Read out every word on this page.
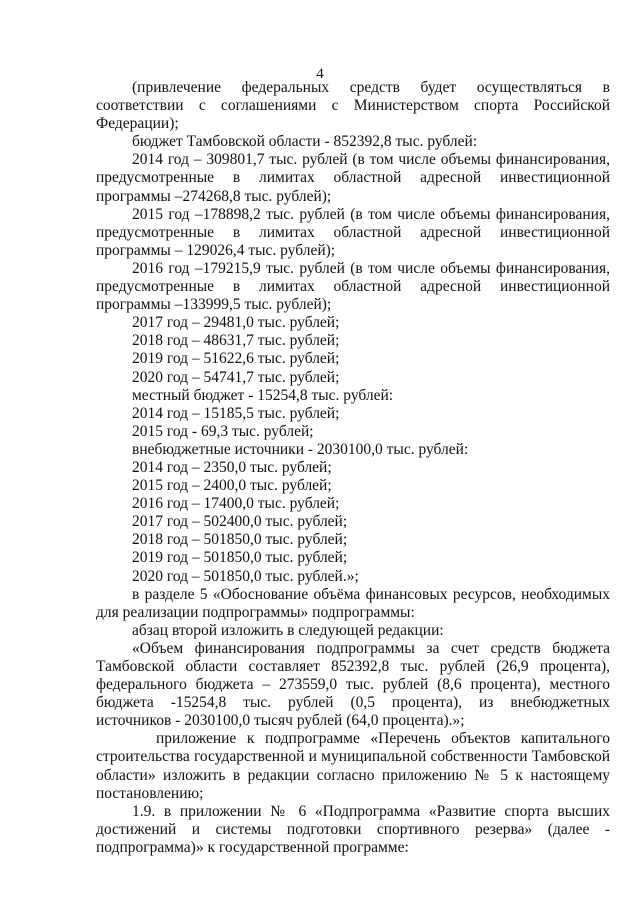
4
(привлечение федеральных средств будет осуществляться в
соответствии с соглашениями с Министерством спорта Российской
Федерации);
бюджет Тамбовской области - 852392,8 тыс. рублей:
2014 год – 309801,7 тыс. рублей (в том числе объемы финансирования,
предусмотренные в лимитах областной адресной инвестиционной
программы –274268,8 тыс. рублей);
2015 год –178898,2 тыс. рублей (в том числе объемы финансирования,
предусмотренные в лимитах областной адресной инвестиционной
программы – 129026,4 тыс. рублей);
2016 год –179215,9 тыс. рублей (в том числе объемы финансирования,
предусмотренные в лимитах областной адресной инвестиционной
программы –133999,5 тыс. рублей);
2017 год – 29481,0 тыс. рублей;
2018 год – 48631,7 тыс. рублей;
2019 год – 51622,6 тыс. рублей;
2020 год – 54741,7 тыс. рублей;
местный бюджет - 15254,8 тыс. рублей:
2014 год – 15185,5 тыс. рублей;
2015 год - 69,3 тыс. рублей;
внебюджетные источники - 2030100,0 тыс. рублей:
2014 год – 2350,0 тыс. рублей;
2015 год – 2400,0 тыс. рублей;
2016 год – 17400,0 тыс. рублей;
2017 год – 502400,0 тыс. рублей;
2018 год – 501850,0 тыс. рублей;
2019 год – 501850,0 тыс. рублей;
2020 год – 501850,0 тыс. рублей.»;
в разделе 5 «Обоснование объёма финансовых ресурсов, необходимых
для реализации подпрограммы» подпрограммы:
абзац второй изложить в следующей редакции:
«Объем финансирования подпрограммы за счет средств бюджета
Тамбовской области составляет 852392,8 тыс. рублей (26,9 процента),
федерального бюджета – 273559,0 тыс. рублей (8,6 процента), местного
бюджета -15254,8 тыс. рублей (0,5 процента), из внебюджетных
источников - 2030100,0 тысяч рублей (64,0 процента).»;
приложение к подпрограмме «Перечень объектов капитального
строительства государственной и муниципальной собственности Тамбовской
области» изложить в редакции согласно приложению № 5 к настоящему
постановлению;
1.9. в приложении № 6 «Подпрограмма «Развитие спорта высших
достижений и системы подготовки спортивного резерва» (далее -
подпрограмма)» к государственной программе:
